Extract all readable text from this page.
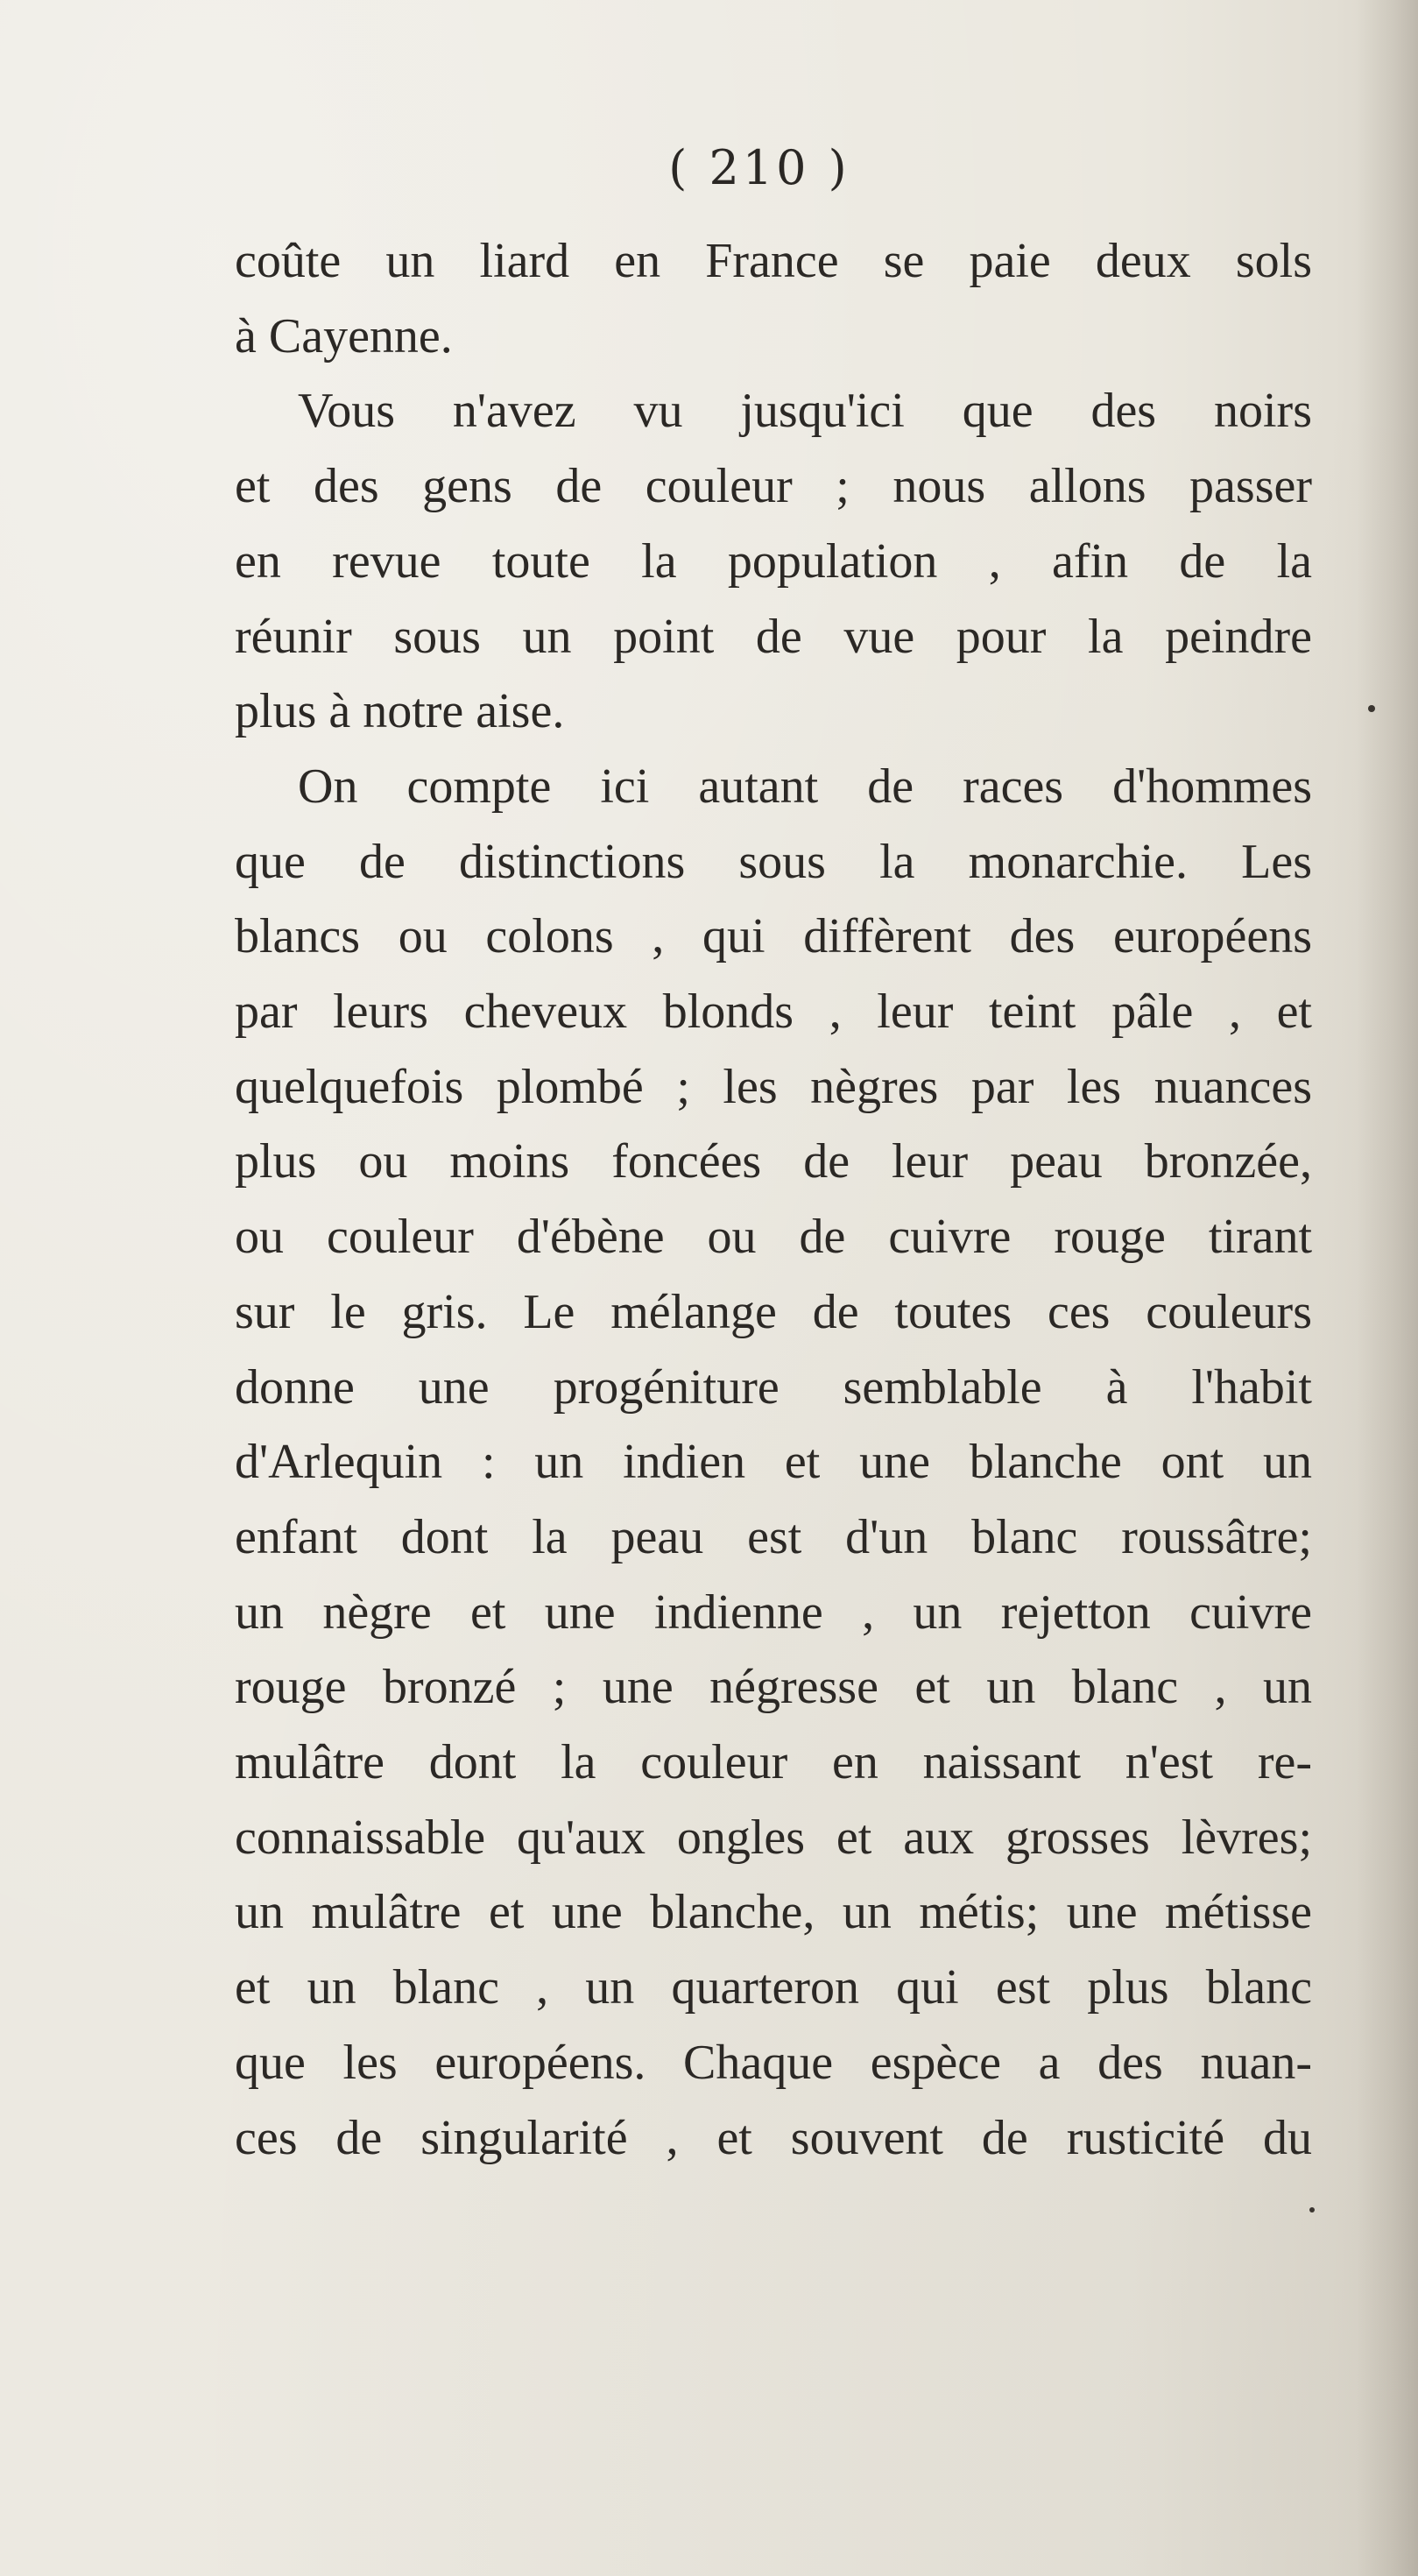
( 210 )
coûte un liard en France se paie deux sols
à Cayenne.
Vous n'avez vu jusqu'ici que des noirs
et des gens de couleur ; nous allons passer
en revue toute la population , afin de la
réunir sous un point de vue pour la peindre
plus à notre aise.
On compte ici autant de races d'hommes
que de distinctions sous la monarchie. Les
blancs ou colons , qui diffèrent des européens
par leurs cheveux blonds , leur teint pâle , et
quelquefois plombé ; les nègres par les nuances
plus ou moins foncées de leur peau bronzée,
ou couleur d'ébène ou de cuivre rouge tirant
sur le gris. Le mélange de toutes ces couleurs
donne une progéniture semblable à l'habit
d'Arlequin : un indien et une blanche ont un
enfant dont la peau est d'un blanc roussâtre;
un nègre et une indienne , un rejetton cuivre
rouge bronzé ; une négresse et un blanc , un
mulâtre dont la couleur en naissant n'est re-
connaissable qu'aux ongles et aux grosses lèvres;
un mulâtre et une blanche, un métis; une métisse
et un blanc , un quarteron qui est plus blanc
que les européens. Chaque espèce a des nuan-
ces de singularité , et souvent de rusticité du
